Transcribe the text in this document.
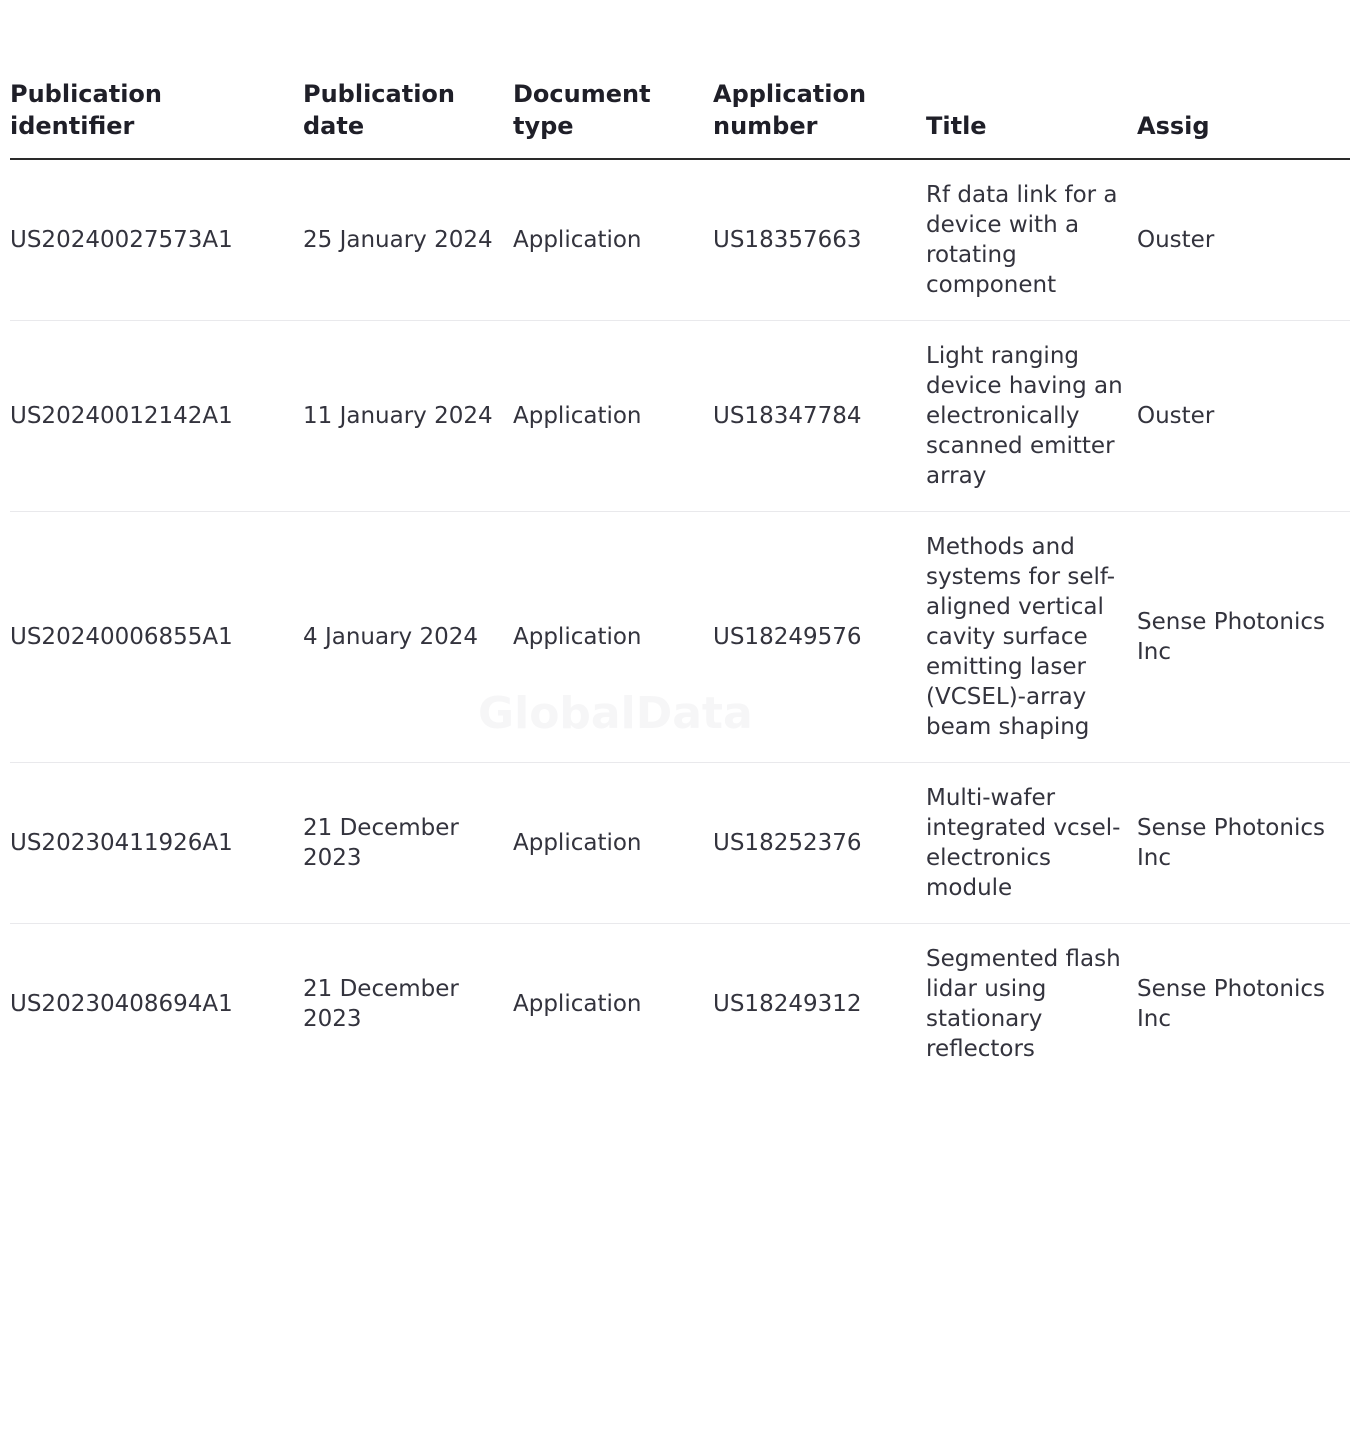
GlobalData
Publication identifier	Publication date	Document type	Application number	Title	Assig
US20240027573A1	25 January 2024	Application	US18357663	Rf data link for a device with a rotating component	Ouster
US20240012142A1	11 January 2024	Application	US18347784	Light ranging device having an electronically scanned emitter array	Ouster
US20240006855A1	4 January 2024	Application	US18249576	Methods and systems for self-aligned vertical cavity surface emitting laser (VCSEL)-array beam shaping	Sense Photonics Inc
US20230411926A1	21 December 2023	Application	US18252376	Multi-wafer integrated vcsel-electronics module	Sense Photonics Inc
US20230408694A1	21 December 2023	Application	US18249312	Segmented flash lidar using stationary reflectors	Sense Photonics Inc
